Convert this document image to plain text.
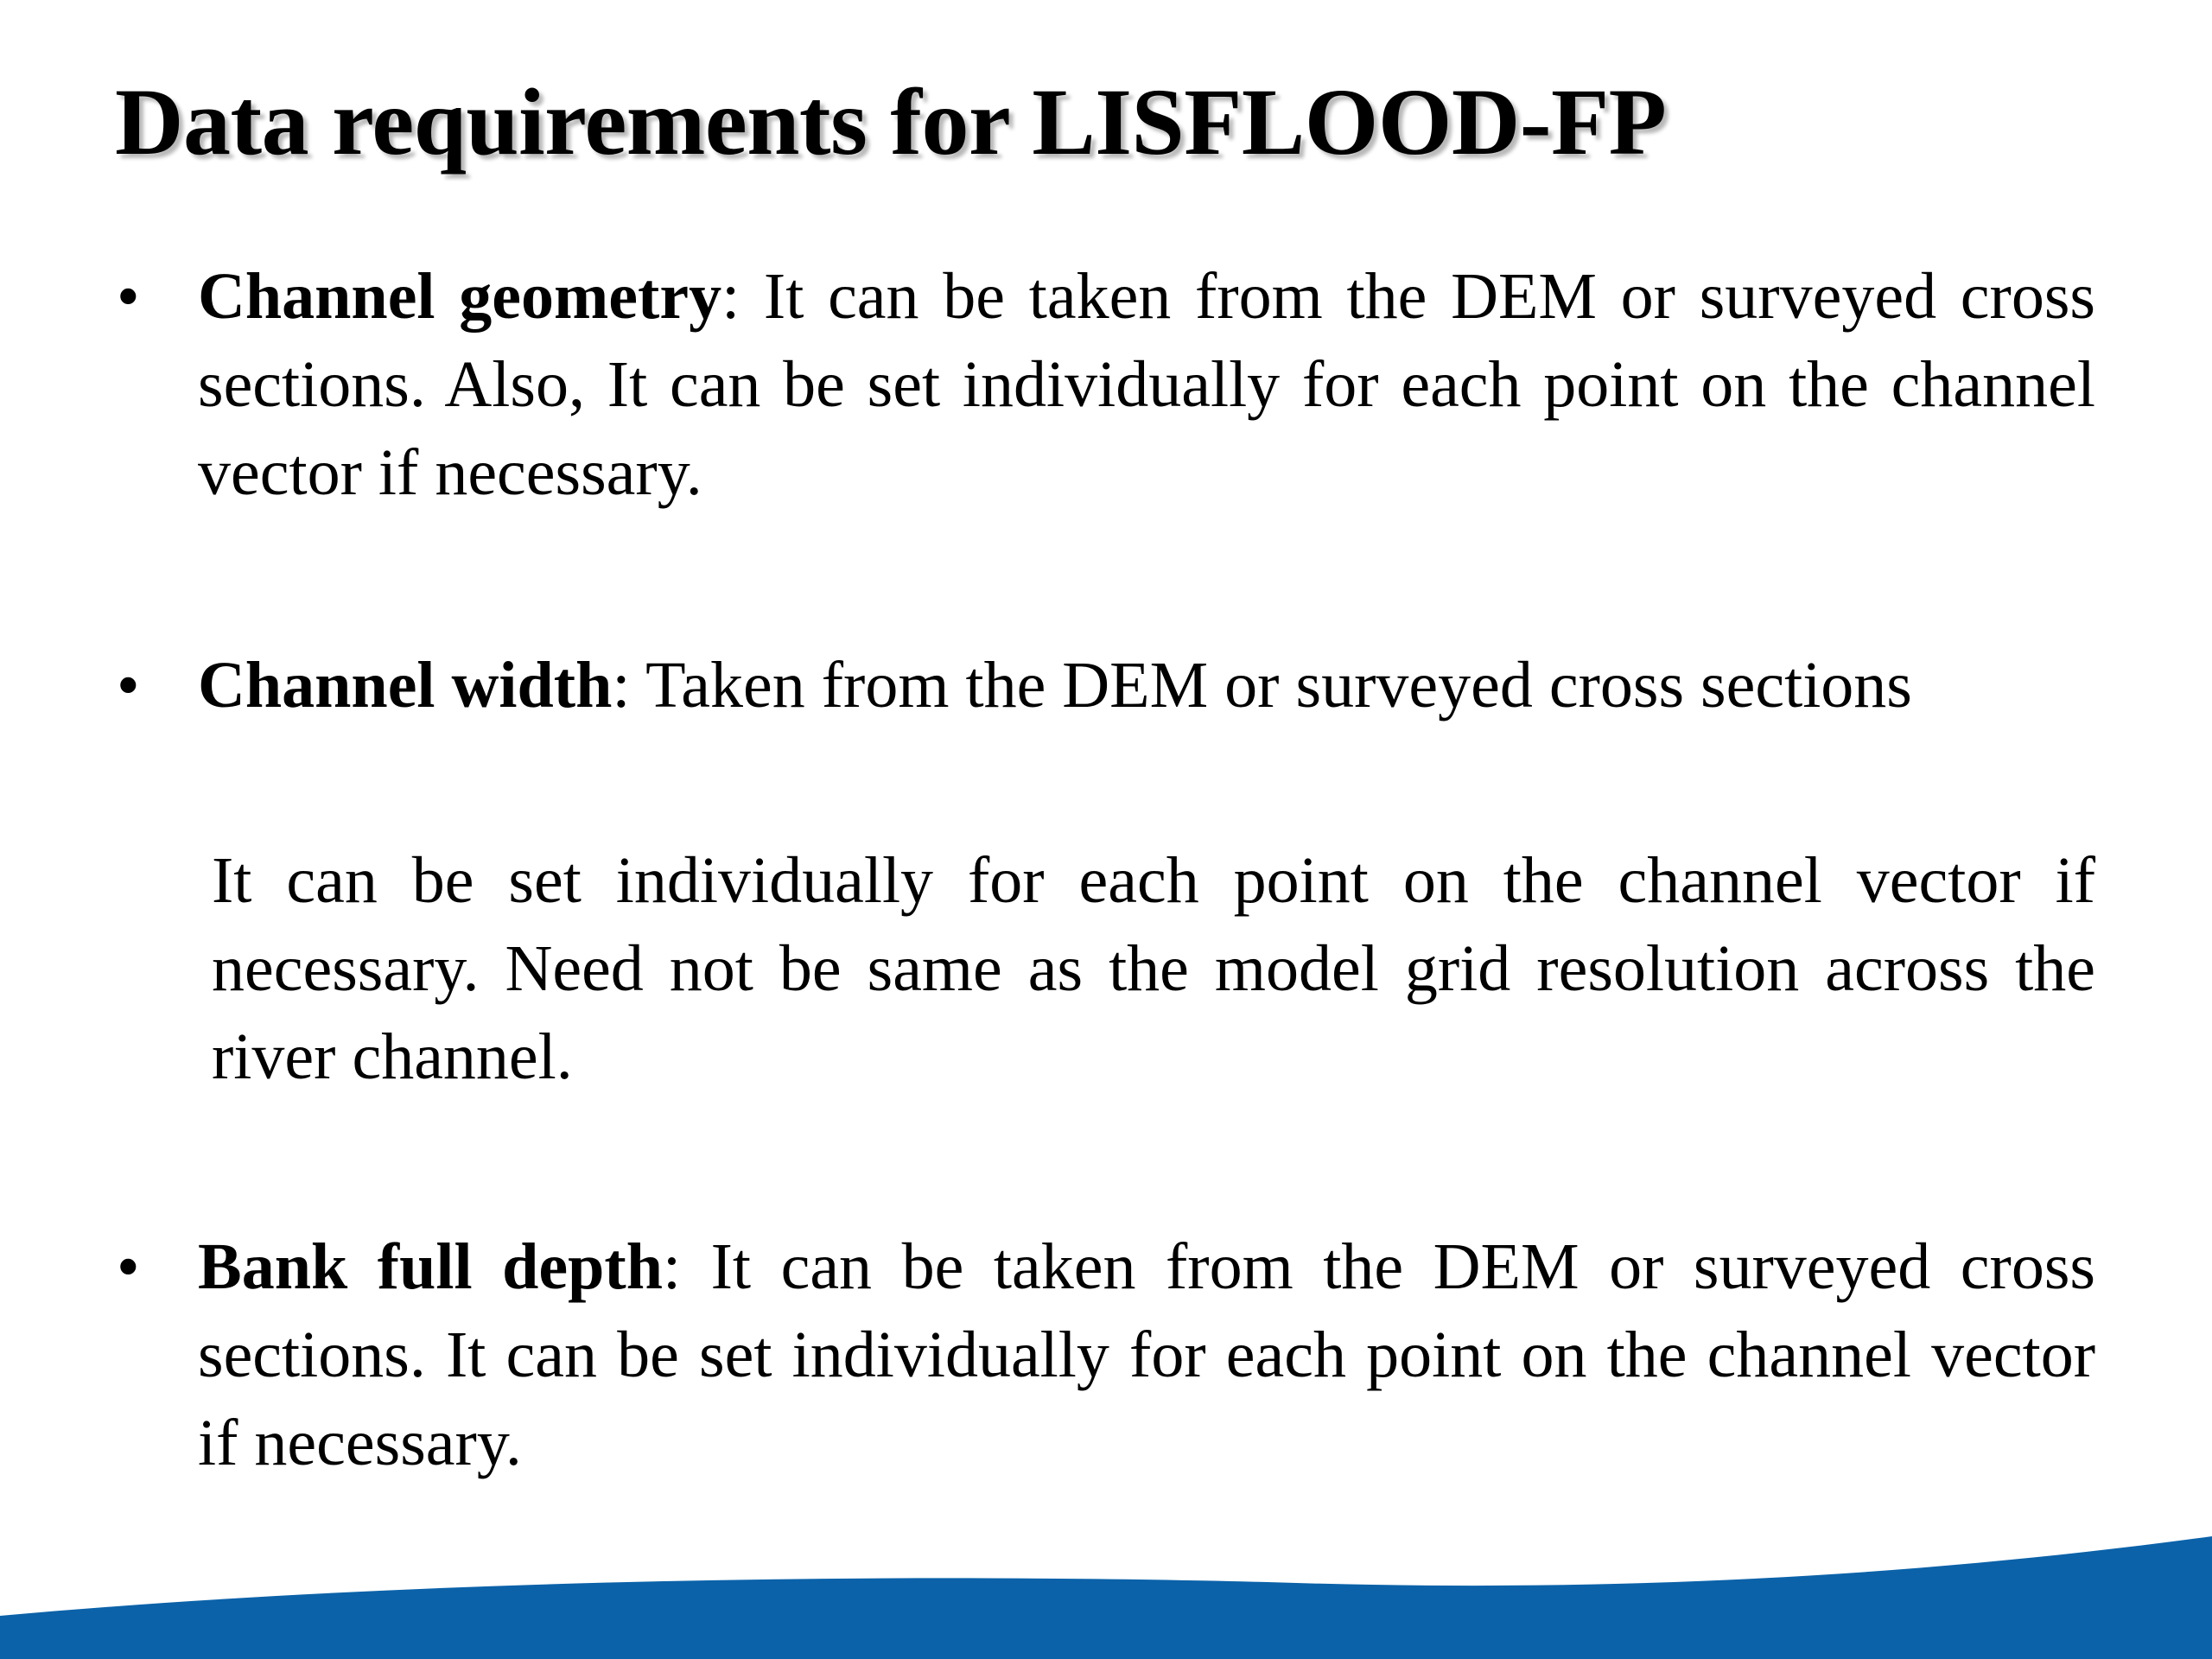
Data requirements for LISFLOOD-FP
• Channel geometry: It can be taken from the DEM or surveyed cross sections. Also, It can be set individually for each point on the channel vector if necessary.
• Channel width: Taken from the DEM or surveyed cross sections
It can be set individually for each point on the channel vector if necessary. Need not be same as the model grid resolution across the river channel.
• Bank full depth: It can be taken from the DEM or surveyed cross sections. It can be set individually for each point on the channel vector if necessary.
